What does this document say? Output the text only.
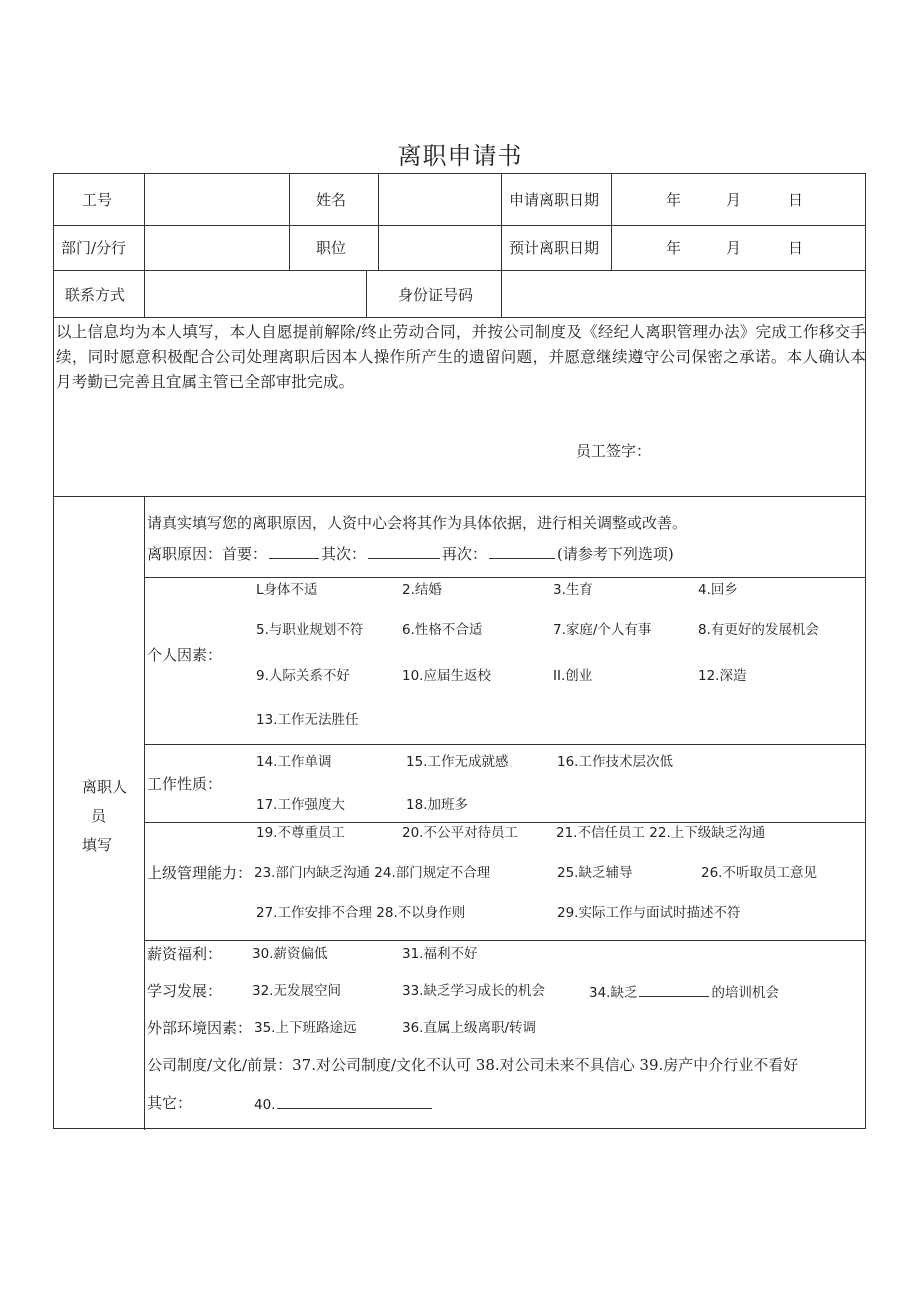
离职申请书
工号	姓名	申请离职日期	年	月	日
部门/分行	职位	预计离职日期	年	月	日
联系方式	身份证号码
以上信息均为本人填写，本人自愿提前解除/终止劳动合同，并按公司制度及《经纪人离职管理办法》完成工作移交手续，同时愿意积极配合公司处理离职后因本人操作所产生的遗留问题，并愿意继续遵守公司保密之承诺。本人确认本月考勤已完善且宜属主管已全部审批完成。
员工签字：
离职人
员
填写
请真实填写您的离职原因，人资中心会将其作为具体依据，进行相关调整或改善。
离职原因：首要：	其次：	再次：	(请参考下列选项)
个人因素：
L身体不适	2.结婚	3.生育	4.回乡
5.与职业规划不符	6.性格不合适	7.家庭/个人有事	8.有更好的发展机会
9.人际关系不好	10.应届生返校	II.创业	12.深造
13.工作无法胜任
工作性质：
14.工作单调	15.工作无成就感	16.工作技术层次低
17.工作强度大	18.加班多
上级管理能力：
19.不尊重员工	20.不公平对待员工	21.不信任员工 22.上下级缺乏沟通
23.部门内缺乏沟通 24.部门规定不合理	25.缺乏辅导	26.不听取员工意见
27.工作安排不合理 28.不以身作则	29.实际工作与面试时描述不符
薪资福利： 30.薪资偏低	31.福利不好
学习发展： 32.无发展空间	33.缺乏学习成长的机会	34.缺乏	的培训机会
外部环境因素： 35.上下班路途远	36.直属上级离职/转调
公司制度/文化/前景：37.对公司制度/文化不认可 38.对公司未来不具信心 39.房产中介行业不看好
其它：	40.
